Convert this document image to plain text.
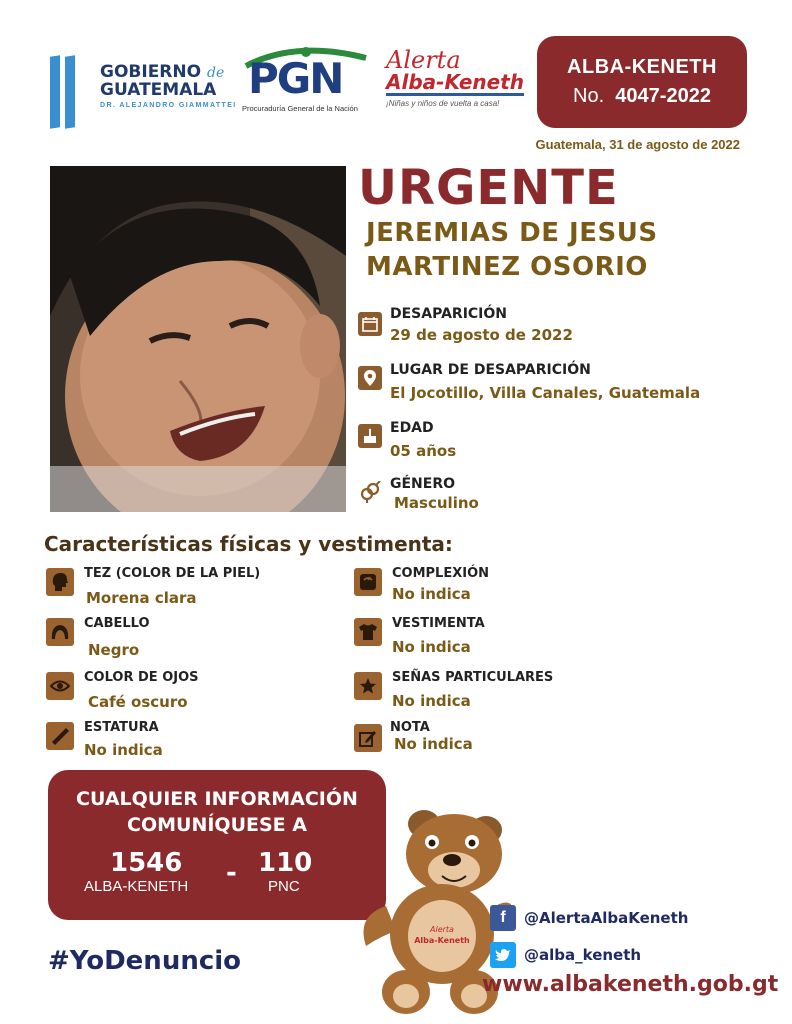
GOBIERNO de
GUATEMALA
DR. ALEJANDRO GIAMMATTEI
PGN
Procuraduría General de la Nación
Alerta
Alba-Keneth
¡Niñas y niños de vuelta a casa!
ALBA-KENETH
No. 4047-2022
Guatemala, 31 de agosto de 2022
URGENTE
JEREMIAS DE JESUS
MARTINEZ OSORIO
DESAPARICIÓN
29 de agosto de 2022
LUGAR DE DESAPARICIÓN
El Jocotillo, Villa Canales, Guatemala
EDAD
05 años
GÉNERO
Masculino
Características físicas y vestimenta:
TEZ (COLOR DE LA PIEL)
Morena clara
CABELLO
Negro
COLOR DE OJOS
Café oscuro
ESTATURA
No indica
COMPLEXIÓN
No indica
VESTIMENTA
No indica
SEÑAS PARTICULARES
No indica
NOTA
No indica
CUALQUIER INFORMACIÓN
COMUNÍQUESE A
1546
ALBA-KENETH - 110
PNC
Alerta
Alba-Keneth
#YoDenuncio
f	@AlertaAlbaKeneth
@alba_keneth
www.albakeneth.gob.gt
